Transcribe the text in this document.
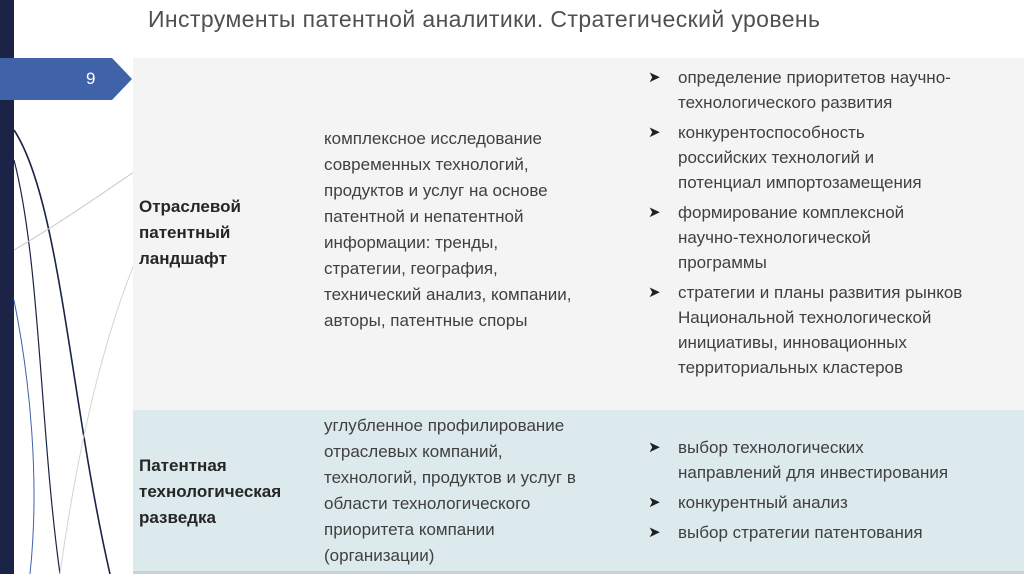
Инструменты патентной аналитики. Стратегический уровень
9
Отраслевой
патентный
ландшафт
комплексное исследование
современных технологий,
продуктов и услуг на основе
патентной и непатентной
информации: тренды,
стратегии, география,
технический анализ, компании,
авторы, патентные споры
➤ определение приоритетов научно-
технологического развития
➤ конкурентоспособность
российских технологий и
потенциал импортозамещения
➤ формирование комплексной
научно-технологической
программы
➤ стратегии и планы развития рынков
Национальной технологической
инициативы, инновационных
территориальных кластеров
Патентная
технологическая
разведка
углубленное профилирование
отраслевых компаний,
технологий, продуктов и услуг в
области технологического
приоритета компании
(организации)
➤ выбор технологических
направлений для инвестирования
➤ конкурентный анализ
➤ выбор стратегии патентования
